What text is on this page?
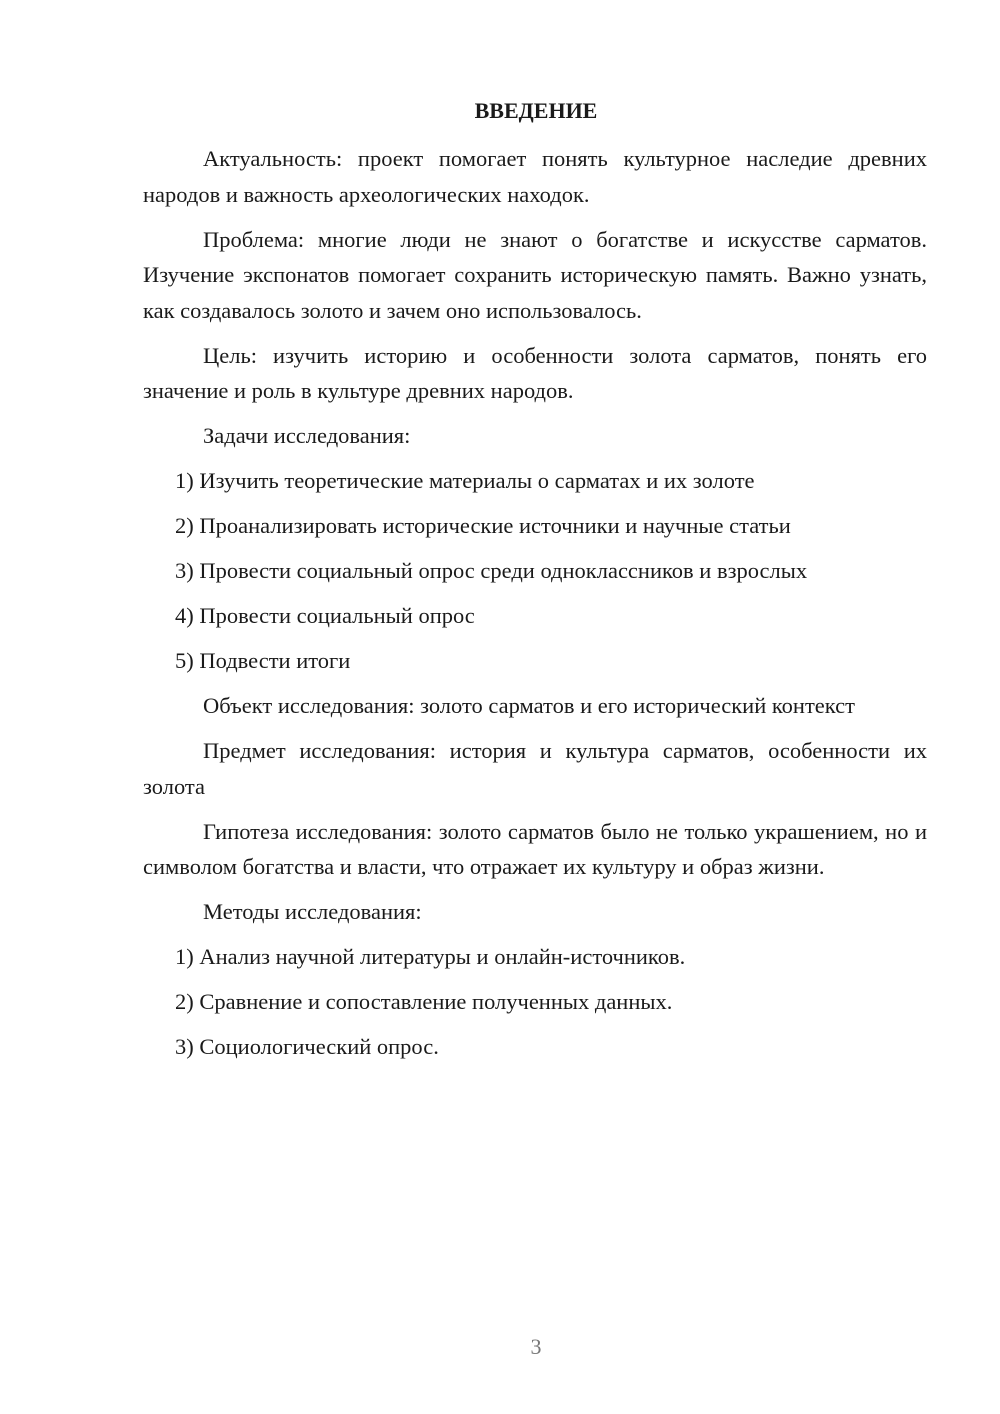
ВВЕДЕНИЕ

Актуальность: проект помогает понять культурное наследие древних народов и важность археологических находок.

Проблема: многие люди не знают о богатстве и искусстве сарматов. Изучение экспонатов помогает сохранить историческую память. Важно узнать, как создавалось золото и зачем оно использовалось.

Цель: изучить историю и особенности золота сарматов, понять его значение и роль в культуре древних народов.

Задачи исследования:

1) Изучить теоретические материалы о сарматах и их золоте

2) Проанализировать исторические источники и научные статьи

3) Провести социальный опрос среди одноклассников и взрослых

4) Провести социальный опрос

5) Подвести итоги

Объект исследования: золото сарматов и его исторический контекст

Предмет исследования: история и культура сарматов, особенности их золота

Гипотеза исследования: золото сарматов было не только украшением, но и символом богатства и власти, что отражает их культуру и образ жизни.

Методы исследования:

1) Анализ научной литературы и онлайн-источников.

2) Сравнение и сопоставление полученных данных.

3) Социологический опрос.

3
